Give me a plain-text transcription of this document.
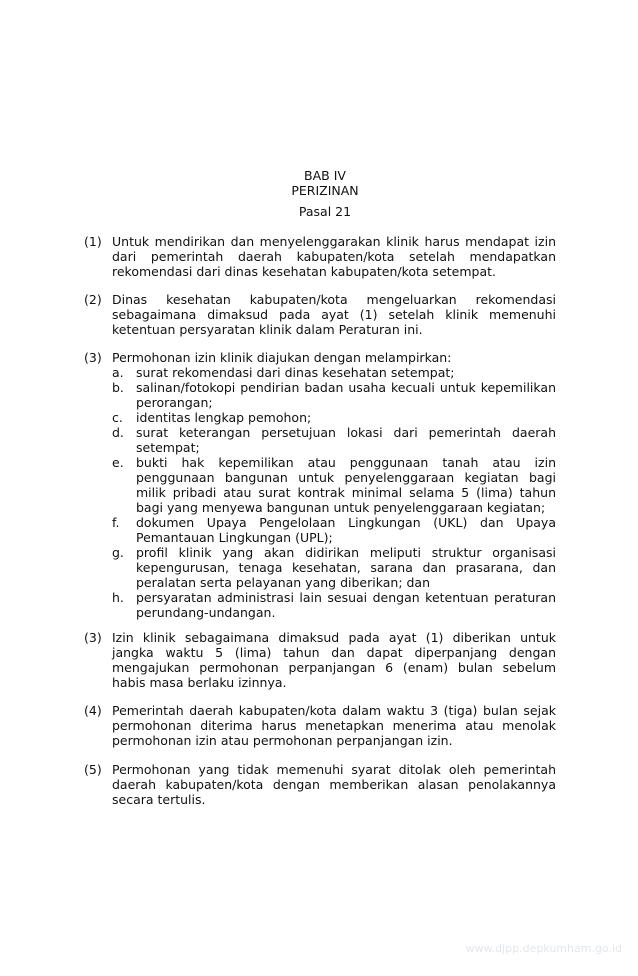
BAB IV
PERIZINAN
Pasal 21
(1) Untuk mendirikan dan menyelenggarakan klinik harus mendapat izin dari pemerintah daerah kabupaten/kota setelah mendapatkan rekomendasi dari dinas kesehatan kabupaten/kota setempat.
(2) Dinas kesehatan kabupaten/kota mengeluarkan rekomendasi sebagaimana dimaksud pada ayat (1) setelah klinik memenuhi ketentuan persyaratan klinik dalam Peraturan ini.
(3) Permohonan izin klinik diajukan dengan melampirkan:
a. surat rekomendasi dari dinas kesehatan setempat;
b. salinan/fotokopi pendirian badan usaha kecuali untuk kepemilikan perorangan;
c. identitas lengkap pemohon;
d. surat keterangan persetujuan lokasi dari pemerintah daerah setempat;
e. bukti hak kepemilikan atau penggunaan tanah atau izin penggunaan bangunan untuk penyelenggaraan kegiatan bagi milik pribadi atau surat kontrak minimal selama 5 (lima) tahun bagi yang menyewa bangunan untuk penyelenggaraan kegiatan;
f. dokumen Upaya Pengelolaan Lingkungan (UKL) dan Upaya Pemantauan Lingkungan (UPL);
g. profil klinik yang akan didirikan meliputi struktur organisasi kepengurusan, tenaga kesehatan, sarana dan prasarana, dan peralatan serta pelayanan yang diberikan; dan
h. persyaratan administrasi lain sesuai dengan ketentuan peraturan perundang-undangan.
(3) Izin klinik sebagaimana dimaksud pada ayat (1) diberikan untuk jangka waktu 5 (lima) tahun dan dapat diperpanjang dengan mengajukan permohonan perpanjangan 6 (enam) bulan sebelum habis masa berlaku izinnya.
(4) Pemerintah daerah kabupaten/kota dalam waktu 3 (tiga) bulan sejak permohonan diterima harus menetapkan menerima atau menolak permohonan izin atau permohonan perpanjangan izin.
(5) Permohonan yang tidak memenuhi syarat ditolak oleh pemerintah daerah kabupaten/kota dengan memberikan alasan penolakannya secara tertulis.
www.djpp.depkumham.go.id
